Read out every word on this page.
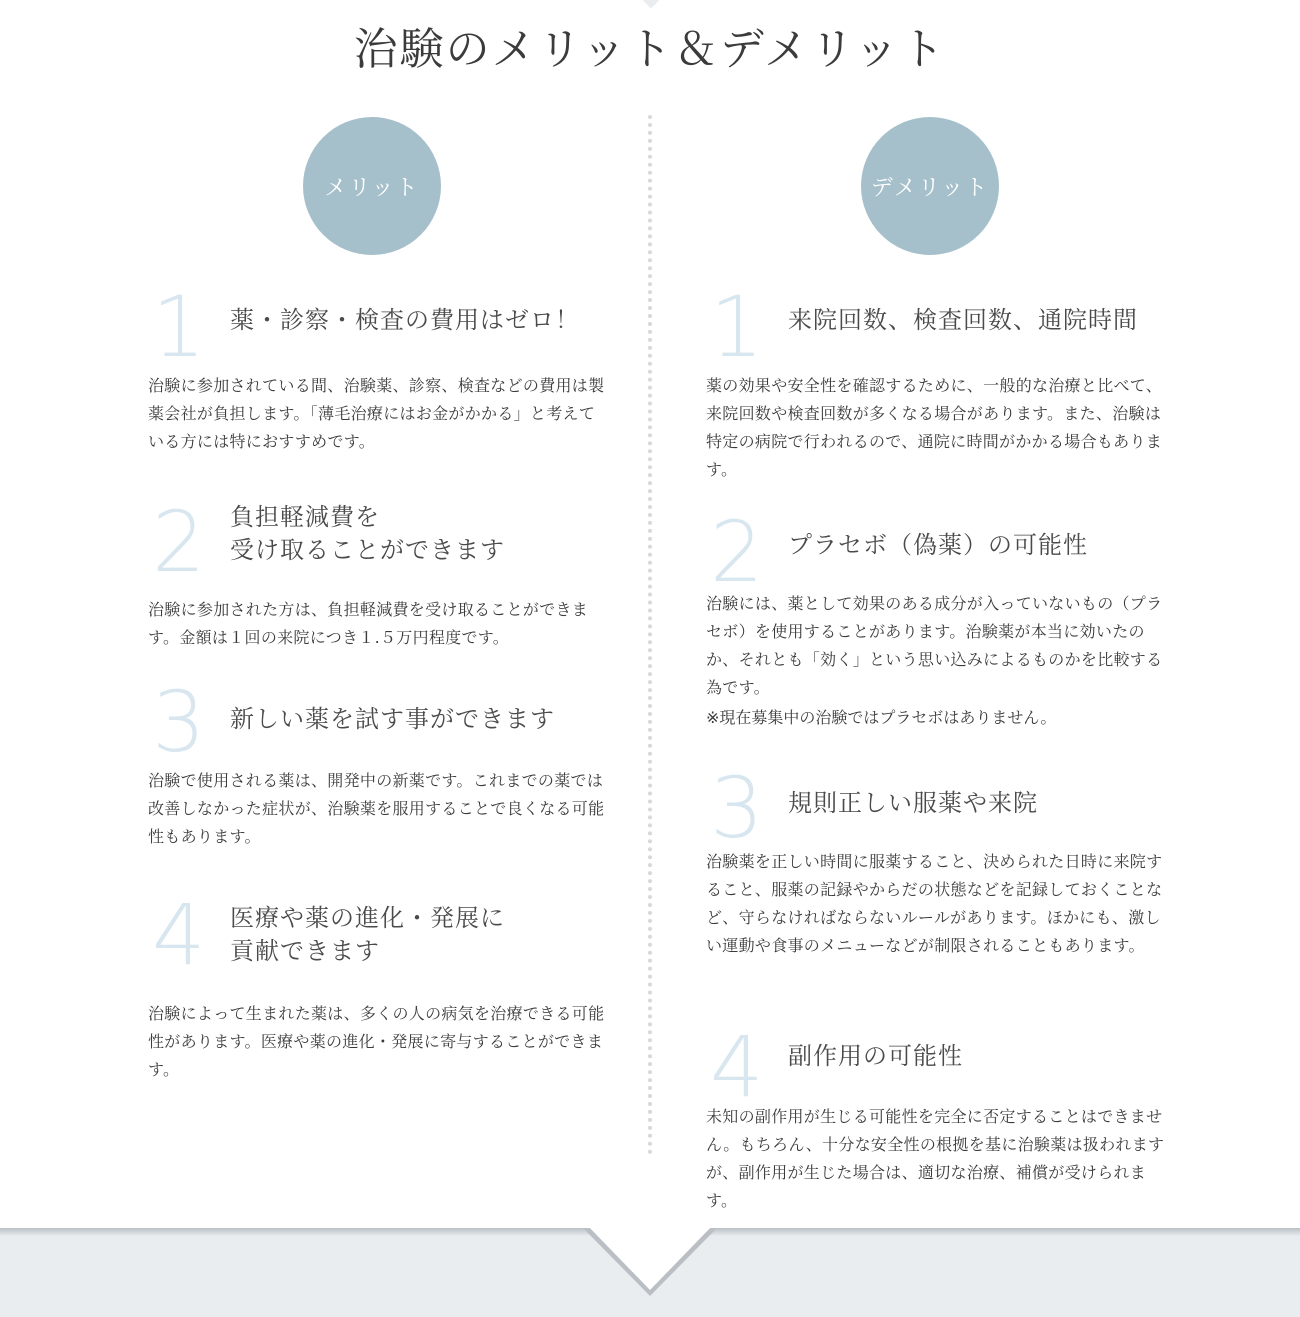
治験のメリット＆デメリット
メリット
1 薬・診察・検査の費用はゼロ！

治験に参加されている間、治験薬、診察、検査などの費用は製薬会社が負担します。「薄毛治療にはお金がかかる」と考えている方には特におすすめです。

2 負担軽減費を
受け取ることができます

治験に参加された方は、負担軽減費を受け取ることができます。金額は１回の来院につき１.５万円程度です。

3 新しい薬を試す事ができます

治験で使用される薬は、開発中の新薬です。これまでの薬では改善しなかった症状が、治験薬を服用することで良くなる可能性もあります。

4 医療や薬の進化・発展に
貢献できます

治験によって生まれた薬は、多くの人の病気を治療できる可能性があります。医療や薬の進化・発展に寄与することができます。

デメリット
1 来院回数、検査回数、通院時間

薬の効果や安全性を確認するために、一般的な治療と比べて、来院回数や検査回数が多くなる場合があります。また、治験は特定の病院で行われるので、通院に時間がかかる場合もあります。

2 プラセボ（偽薬）の可能性

治験には、薬として効果のある成分が入っていないもの（プラセボ）を使用することがあります。治験薬が本当に効いたのか、それとも「効く」という思い込みによるものかを比較する為です。

※現在募集中の治験ではプラセボはありません。

3 規則正しい服薬や来院

治験薬を正しい時間に服薬すること、決められた日時に来院すること、服薬の記録やからだの状態などを記録しておくことなど、守らなければならないルールがあります。ほかにも、激しい運動や食事のメニューなどが制限されることもあります。

4 副作用の可能性

未知の副作用が生じる可能性を完全に否定することはできません。もちろん、十分な安全性の根拠を基に治験薬は扱われますが、副作用が生じた場合は、適切な治療、補償が受けられます。
